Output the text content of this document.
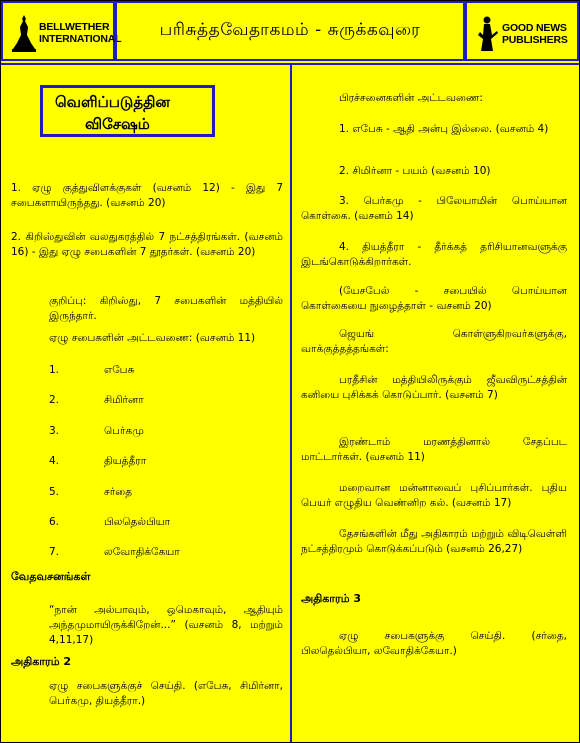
BELLWETHER
INTERNATIONAL	பரிசுத்தவேதாகமம் - சுருக்கவுரை	GOOD NEWS
PUBLISHERS
வெளிப்படுத்தின
விசேஷம்
1. ஏழு குத்துவிளக்குகள் (வசனம் 12) - இது 7 சபைகளாயிருந்தது. (வசனம் 20)
2. கிறிஸ்துவின் வலதுகரத்தில் 7 நட்சத்திரங்கள். (வசனம் 16) - இது ஏழு சபைகளின் 7 தூதர்கள். (வசனம் 20)
குறிப்பு: கிறிஸ்து, 7 சபைகளின் மத்தியில் இருந்தார்.
ஏழு சபைகளின் அட்டவணை: (வசனம் 11)
1.	எபேசு
2.	சிமிர்னா
3.	பெர்கமு
4.	தியத்தீரா
5.	சர்தை
6.	பிலதெல்பியா
7.	லவோதிக்கேயா
வேதவசனங்கள்
“நான் அல்பாவும், ஒமெகாவும், ஆதியும் அந்தமுமாயிருக்கிறேன்...” (வசனம் 8, மற்றும் 4,11,17)
அதிகாரம் 2
ஏழு சபைகளுக்குச் செய்தி. (எபேசு, சிமிர்னா, பெர்கமு, தியத்தீரா.)
பிரச்சனைகளின் அட்டவணை:
1. எபேசு - ஆதி அன்பு இல்லை. (வசனம் 4)
2. சிமிர்னா - பயம் (வசனம் 10)
3. பெர்கமு - பிலேயாமின் பொய்யான கொள்கை. (வசனம் 14)
4. தியத்தீரா - தீர்க்கத் தரிசியானவளுக்கு இடங்கொடுக்கிறார்கள்.
(யேசபேல் - சபையில் பொய்யான கொள்கையை நுழைத்தாள் - வசனம் 20)
ஜெயங் கொள்ளுகிறவர்களுக்கு, வாக்குத்தத்தங்கள்:
பரதீசின் மத்தியிலிருக்கும் ஜீவவிருட்சத்தின் கனியை புசிக்கக் கொடுப்பார். (வசனம் 7)
இரண்டாம் மரணத்தினால் சேதப்பட மாட்டார்கள். (வசனம் 11)
மறைவான மன்னாவைப் புசிப்பார்கள். புதிய பெயர் எழுதிய வெண்னிற கல். (வசனம் 17)
தேசங்களின் மீது அதிகாரம் மற்றும் விடிவெள்ளி நட்சத்திரமும் கொடுக்கப்படும் (வசனம் 26,27)
அதிகாரம் 3
ஏழு சபைகளுக்கு செய்தி. (சர்தை, பிலதெல்பியா, லவோதிக்கேயா.)
